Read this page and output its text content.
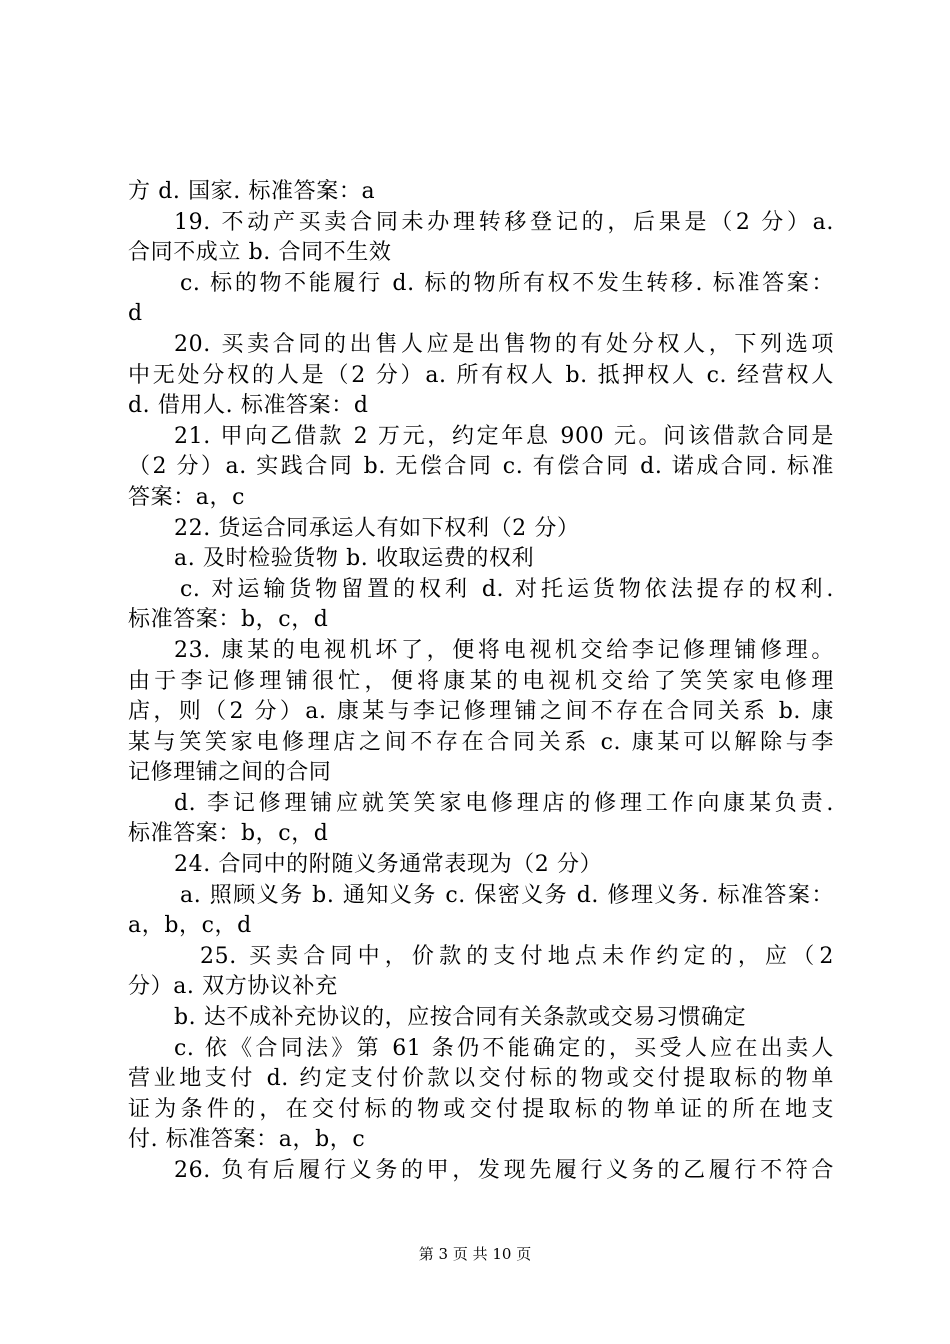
方 d. 国家. 标准答案：a
19. 不动产买卖合同未办理转移登记的，后果是（2 分）a.
合同不成立 b. 合同不生效
c. 标的物不能履行 d. 标的物所有权不发生转移. 标准答案：
d
20. 买卖合同的出售人应是出售物的有处分权人，下列选项
中无处分权的人是（2 分）a. 所有权人 b. 抵押权人 c. 经营权人
d. 借用人. 标准答案：d
21. 甲向乙借款 2 万元，约定年息 900 元。问该借款合同是
（2 分）a. 实践合同 b. 无偿合同 c. 有偿合同 d. 诺成合同. 标准
答案：a，c
22. 货运合同承运人有如下权利（2 分）
a. 及时检验货物 b. 收取运费的权利
c. 对运输货物留置的权利 d. 对托运货物依法提存的权利.
标准答案：b，c，d
23. 康某的电视机坏了，便将电视机交给李记修理铺修理。
由于李记修理铺很忙，便将康某的电视机交给了笑笑家电修理
店，则（2 分）a. 康某与李记修理铺之间不存在合同关系 b. 康
某与笑笑家电修理店之间不存在合同关系 c. 康某可以解除与李
记修理铺之间的合同
d. 李记修理铺应就笑笑家电修理店的修理工作向康某负责.
标准答案：b，c，d
24. 合同中的附随义务通常表现为（2 分）
a. 照顾义务 b. 通知义务 c. 保密义务 d. 修理义务. 标准答案：
a，b，c，d
25. 买卖合同中，价款的支付地点未作约定的，应（2
分）a. 双方协议补充
b. 达不成补充协议的，应按合同有关条款或交易习惯确定
c. 依《合同法》第 61 条仍不能确定的，买受人应在出卖人
营业地支付 d. 约定支付价款以交付标的物或交付提取标的物单
证为条件的，在交付标的物或交付提取标的物单证的所在地支
付. 标准答案：a，b，c
26. 负有后履行义务的甲，发现先履行义务的乙履行不符合
第 3 页 共 10 页
